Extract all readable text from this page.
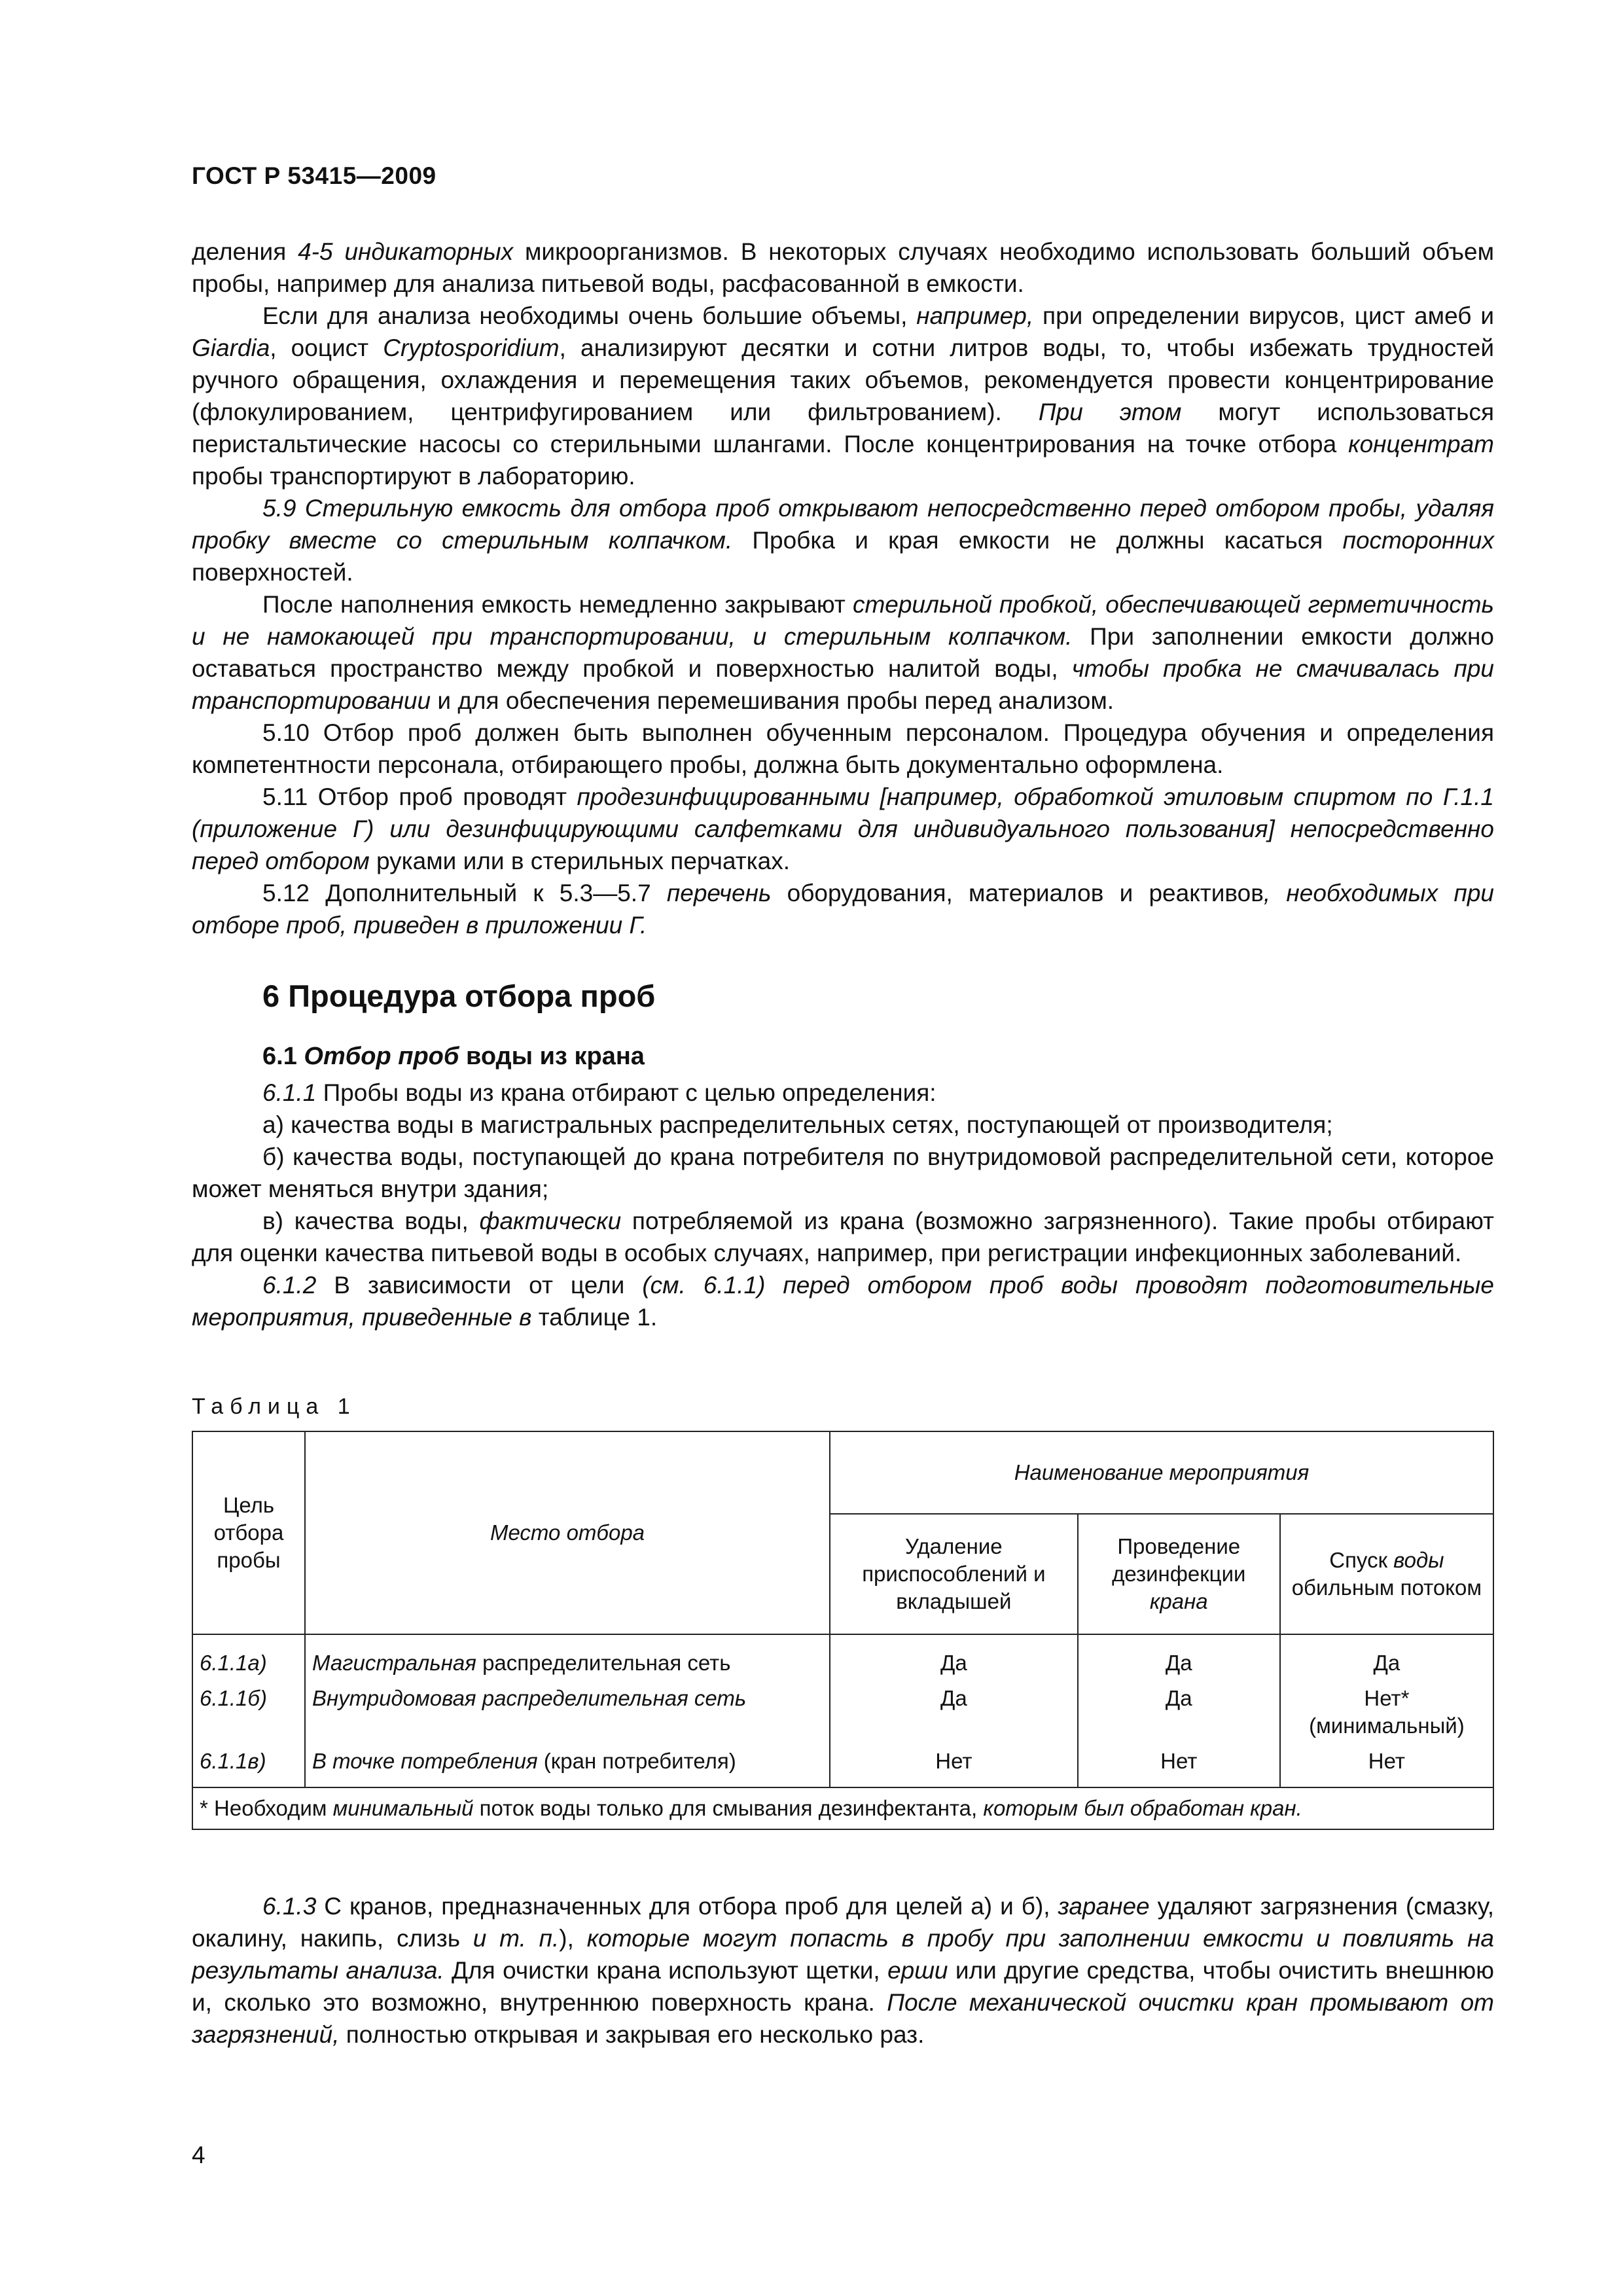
ГОСТ Р 53415—2009

деления 4-5 индикаторных микроорганизмов. В некоторых случаях необходимо использовать больший объем пробы, например для анализа питьевой воды, расфасованной в емкости.

Если для анализа необходимы очень большие объемы, например, при определении вирусов, цист амеб и Giardia, ооцист Cryptosporidium, анализируют десятки и сотни литров воды, то, чтобы избежать трудностей ручного обращения, охлаждения и перемещения таких объемов, рекомендуется провести концентрирование (флокулированием, центрифугированием или фильтрованием). При этом могут использоваться перистальтические насосы со стерильными шлангами. После концентрирования на точке отбора концентрат пробы транспортируют в лабораторию.

5.9 Стерильную емкость для отбора проб открывают непосредственно перед отбором пробы, удаляя пробку вместе со стерильным колпачком. Пробка и края емкости не должны касаться посторонних поверхностей.

После наполнения емкость немедленно закрывают стерильной пробкой, обеспечивающей герметичность и не намокающей при транспортировании, и стерильным колпачком. При заполнении емкости должно оставаться пространство между пробкой и поверхностью налитой воды, чтобы пробка не смачивалась при транспортировании и для обеспечения перемешивания пробы перед анализом.

5.10 Отбор проб должен быть выполнен обученным персоналом. Процедура обучения и определения компетентности персонала, отбирающего пробы, должна быть документально оформлена.

5.11 Отбор проб проводят продезинфицированными [например, обработкой этиловым спиртом по Г.1.1 (приложение Г) или дезинфицирующими салфетками для индивидуального пользования] непосредственно перед отбором руками или в стерильных перчатках.

5.12 Дополнительный к 5.3—5.7 перечень оборудования, материалов и реактивов, необходимых при отборе проб, приведен в приложении Г.

6 Процедура отбора проб

6.1 Отбор проб воды из крана

6.1.1 Пробы воды из крана отбирают с целью определения:

а) качества воды в магистральных распределительных сетях, поступающей от производителя;

б) качества воды, поступающей до крана потребителя по внутридомовой распределительной сети, которое может меняться внутри здания;

в) качества воды, фактически потребляемой из крана (возможно загрязненного). Такие пробы отбирают для оценки качества питьевой воды в особых случаях, например, при регистрации инфекционных заболеваний.

6.1.2 В зависимости от цели (см. 6.1.1) перед отбором проб воды проводят подготовительные мероприятия, приведенные в таблице 1.

Таблица 1
Цель отбора пробы	Место отбора	Наименование мероприятия		
		Удаление приспособлений и вкладышей	Проведение дезинфекции крана	Спуск воды обильным потоком
6.1.1а)	Магистральная распределительная сеть	Да	Да	Да
6.1.1б)	Внутридомовая распределительная сеть	Да	Да	Нет* (минимальный)
6.1.1в)	В точке потребления (кран потребителя)	Нет	Нет	Нет
* Необходим минимальный поток воды только для смывания дезинфектанта, которым был обработан кран.				

6.1.3 С кранов, предназначенных для отбора проб для целей а) и б), заранее удаляют загрязнения (смазку, окалину, накипь, слизь и т. п.), которые могут попасть в пробу при заполнении емкости и повлиять на результаты анализа. Для очистки крана используют щетки, ерши или другие средства, чтобы очистить внешнюю и, сколько это возможно, внутреннюю поверхность крана. После механической очистки кран промывают от загрязнений, полностью открывая и закрывая его несколько раз.

4
